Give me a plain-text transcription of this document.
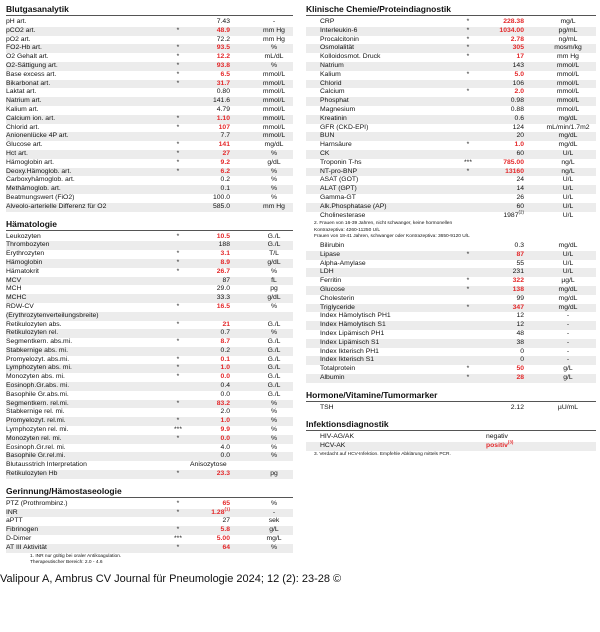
Blutgasanalytik
pH art.	7.43	-
pCO2 art.	*	48.9	mm Hg
pO2 art.	72.2	mm Hg
FO2-Hb art.	*	93.5	%
O2 Gehalt art.	*	12.2	mL/dL
O2-Sättigung art.	*	93.8	%
Base excess art.	*	6.5	mmol/L
Bikarbonat art.	*	31.7	mmol/L
Laktat art.	0.80	mmol/L
Natrium art.	141.6	mmol/L
Kalium art.	4.79	mmol/L
Calcium ion. art.	*	1.10	mmol/L
Chlorid art.	*	107	mmol/L
Anionenlücke 4P art.	7.7	mmol/L
Glucose art.	*	141	mg/dL
Hct art.	*	27	%
Hämoglobin art.	*	9.2	g/dL
Deoxy.Hämoglob. art.	*	6.2	%
Carboxyhämoglob. art.	0.2	%
Methämoglob. art.	0.1	%
Beatmungswert (FiO2)	100.0	%
Alveolo-arterielle Differenz für O2	585.0	mm Hg
Hämatologie
Leukozyten	*	10.5	G./L
Thrombozyten	188	G./L
Erythrozyten	*	3.1	T/L
Hämoglobin	*	8.9	g/dL
Hämatokrit	*	26.7	%
MCV	87	fL
MCH	29.0	pg
MCHC	33.3	g/dL
RDW-CV	*	16.5	%
(Erythrozytenverteilungsbreite)
Retikulozyten abs.	*	21	G./L
Retikulozyten rel.	0.7	%
Segmentkern. abs.mi.	*	8.7	G./L
Stabkernige abs. mi.	0.2	G./L
Promyelozyt. abs.mi.	*	0.1	G./L
Lymphozyten abs. mi.	*	1.0	G./L
Monozyten abs. mi.	*	0.0	G./L
Eosinoph.Gr.abs. mi.	0.4	G./L
Basophile Gr.abs.mi.	0.0	G./L
Segmentkern. rel.mi.	*	83.2	%
Stabkernige rel. mi.	2.0	%
Promyelozyt. rel.mi.	*	1.0	%
Lymphozyten rel. mi.	***	9.9	%
Monozyten rel. mi.	*	0.0	%
Eosinoph.Gr.rel. mi.	4.0	%
Basophile Gr.rel.mi.	0.0	%
Blutausstrich Interpretation	Anisozytose
Retikulozyten Hb	*	23.3	pg
Gerinnung/Hämostaseologie
PTZ (Prothrombinz.)	*	65	%
INR	*	1.28$^{(1)}$	-
aPTT	27	sek
Fibrinogen	*	5.8	g/L
D-Dimer	***	5.00	mg/L
AT III Aktivität	*	64	%
1. INR nur gültig bei oraler Antikoagulation.
Therapeutischer Bereich: 2.0 - 4.6
Klinische Chemie/Proteindiagnostik
CRP	*	228.38	mg/L
Interleukin-6	*	1034.00	pg/mL
Procalcitonin	*	2.78	ng/mL
Osmolalität	*	305	mosm/kg
Kolloidosmot. Druck	*	17	mm Hg
Natrium	143	mmol/L
Kalium	*	5.0	mmol/L
Chlorid	106	mmol/L
Calcium	*	2.0	mmol/L
Phosphat	0.98	mmol/L
Magnesium	0.88	mmol/L
Kreatinin	0.6	mg/dL
GFR (CKD-EPI)	124	mL/min/1.7m2
BUN	20	mg/dL
Harnsäure	*	1.0	mg/dL
CK	60	U/L
Troponin T-hs	***	785.00	ng/L
NT-pro-BNP	*	13160	ng/L
ASAT (GOT)	24	U/L
ALAT (GPT)	14	U/L
Gamma-GT	26	U/L
Alk.Phosphatase (AP)	60	U/L
Cholinesterase	1987$^{(2)}$	U/L
2. Frauen von 16-39 Jahren, nicht schwanger, keine hormonellen
Kontrazeptiva: 4260-11250 U/L
Frauen von 18-41 Jahren, schwanger oder Kontrazeptiva: 3650-9120 U/L
Bilirubin	0.3	mg/dL
Lipase	*	87	U/L
Alpha-Amylase	55	U/L
LDH	231	U/L
Ferritin	*	322	µg/L
Glucose	*	138	mg/dL
Cholesterin	99	mg/dL
Triglyceride	*	347	mg/dL
Index Hämolytisch PH1	12	-
Index Hämolytisch S1	12	-
Index Lipämisch PH1	48	-
Index Lipämisch S1	38	-
Index Ikterisch PH1	0	-
Index Ikterisch S1	0	-
Totalprotein	*	50	g/L
Albumin	*	28	g/L
Hormone/Vitamine/Tumormarker
TSH	2.12	µU/mL
Infektionsdiagnostik
HIV-AG/AK	negativ
HCV-AK	positiv$^{(3)}$
3. Verdacht auf HCV-Infektion. Empfehle Abklärung mittels PCR.
Valipour A, Ambrus CV Journal für Pneumologie 2024; 12 (2): 23-28 ©
